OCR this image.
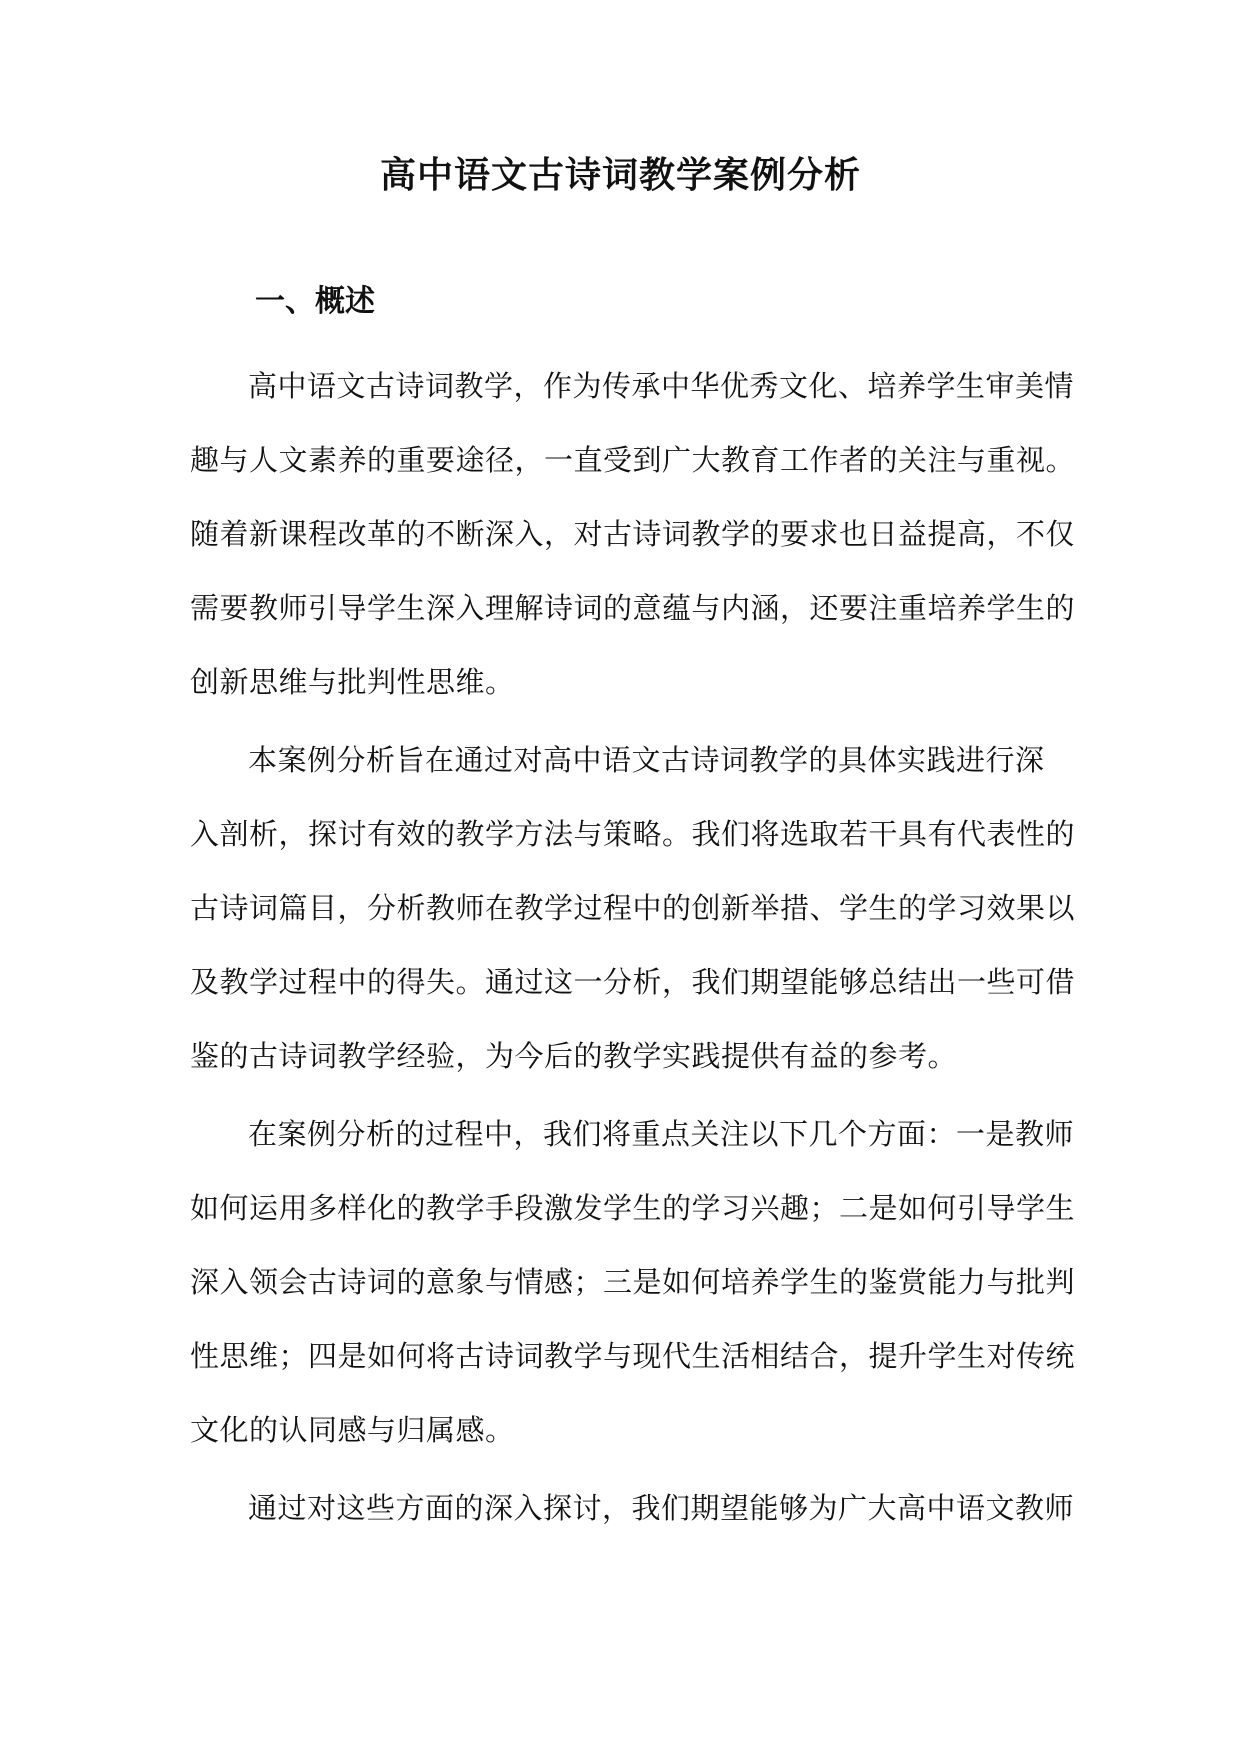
高中语文古诗词教学案例分析
一、概述
高中语文古诗词教学，作为传承中华优秀文化、培养学生审美情
趣与人文素养的重要途径，一直受到广大教育工作者的关注与重视。
随着新课程改革的不断深入，对古诗词教学的要求也日益提高，不仅
需要教师引导学生深入理解诗词的意蕴与内涵，还要注重培养学生的
创新思维与批判性思维。
本案例分析旨在通过对高中语文古诗词教学的具体实践进行深
入剖析，探讨有效的教学方法与策略。我们将选取若干具有代表性的
古诗词篇目，分析教师在教学过程中的创新举措、学生的学习效果以
及教学过程中的得失。通过这一分析，我们期望能够总结出一些可借
鉴的古诗词教学经验，为今后的教学实践提供有益的参考。
在案例分析的过程中，我们将重点关注以下几个方面：一是教师
如何运用多样化的教学手段激发学生的学习兴趣；二是如何引导学生
深入领会古诗词的意象与情感；三是如何培养学生的鉴赏能力与批判
性思维；四是如何将古诗词教学与现代生活相结合，提升学生对传统
文化的认同感与归属感。
通过对这些方面的深入探讨，我们期望能够为广大高中语文教师
